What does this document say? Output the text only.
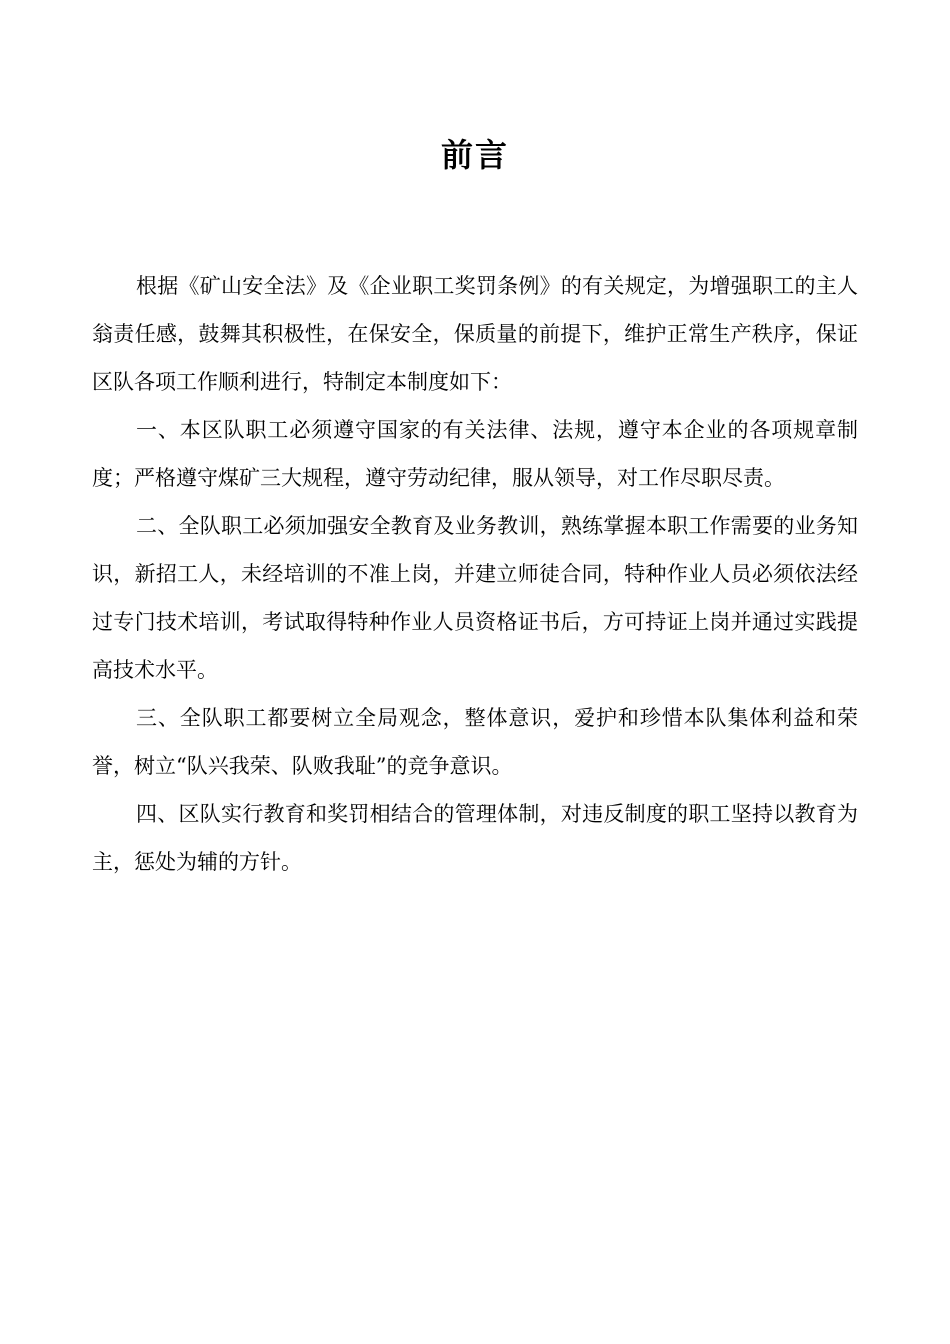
前言

根据《矿山安全法》及《企业职工奖罚条例》的有关规定，为增强职工的主人翁责任感，鼓舞其积极性，在保安全，保质量的前提下，维护正常生产秩序，保证区队各项工作顺利进行，特制定本制度如下：

一、本区队职工必须遵守国家的有关法律、法规，遵守本企业的各项规章制度；严格遵守煤矿三大规程，遵守劳动纪律，服从领导，对工作尽职尽责。

二、全队职工必须加强安全教育及业务教训，熟练掌握本职工作需要的业务知识，新招工人，未经培训的不准上岗，并建立师徒合同，特种作业人员必须依法经过专门技术培训，考试取得特种作业人员资格证书后，方可持证上岗并通过实践提高技术水平。

三、全队职工都要树立全局观念，整体意识，爱护和珍惜本队集体利益和荣誉，树立“队兴我荣、队败我耻”的竞争意识。

四、区队实行教育和奖罚相结合的管理体制，对违反制度的职工坚持以教育为主，惩处为辅的方针。
